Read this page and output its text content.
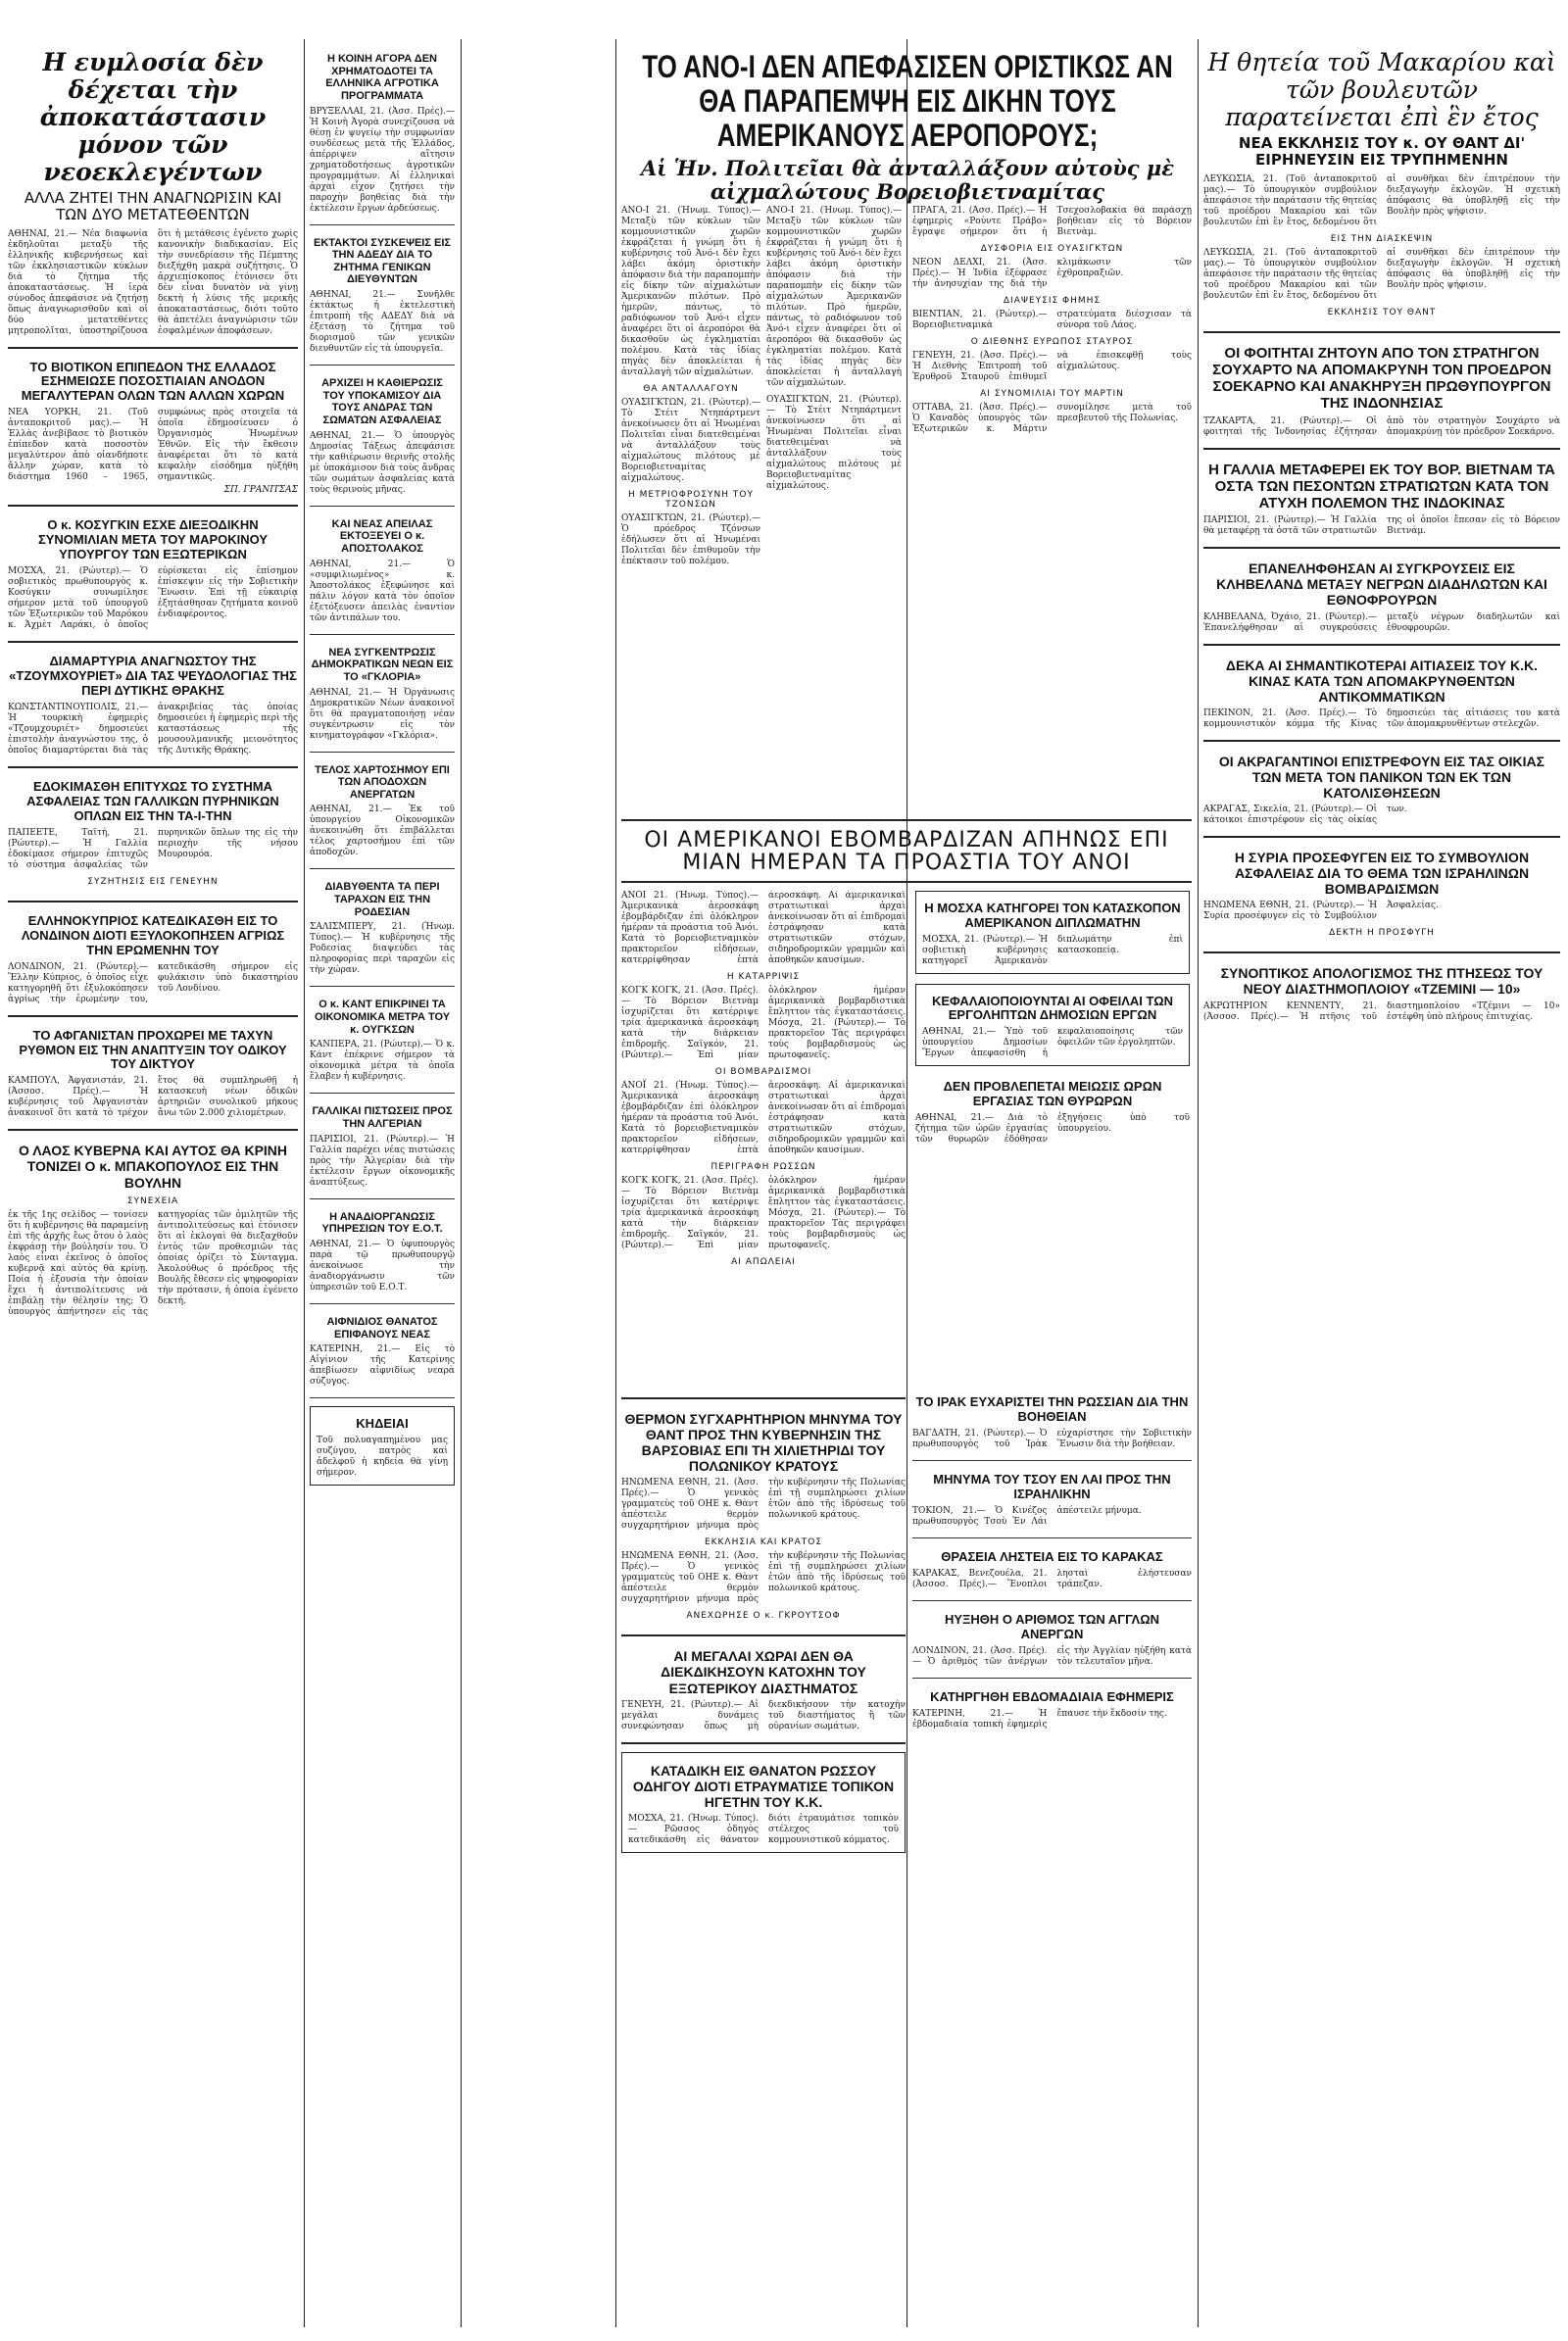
Η ευμλοσία δὲν δέχεται τὴν ἀποκατάστασιν μόνον τῶν νεοεκλεγέντων
ΑΛΛΑ ΖΗΤΕΙ ΤΗΝ ΑΝΑΓΝΩΡΙΣΙΝ ΚΑΙ ΤΩΝ ΔΥΟ ΜΕΤΑΤΕΘΕΝΤΩΝ

ΑΘΗΝΑΙ, 21.— Νέα διαφωνία ἐκδηλοῦται μεταξὺ τῆς ἑλληνικῆς κυβερνήσεως καὶ τῶν ἐκκλησιαστικῶν κύκλων διὰ τὸ ζήτημα τῆς ἀποκαταστάσεως. Ἡ ἱερὰ σύνοδος ἀπεφάσισε νὰ ζητήσῃ ὅπως ἀναγνωρισθοῦν καὶ οἱ δύο μετατεθέντες μητροπολῖται, ὑποστηρίζουσα ὅτι ἡ μετάθεσις ἐγένετο χωρὶς κανονικὴν διαδικασίαν. Εἰς τὴν συνεδρίασιν τῆς Πέμπτης διεξήχθη μακρὰ συζήτησις. Ὁ ἀρχιεπίσκοπος ἐτόνισεν ὅτι δὲν εἶναι δυνατὸν νὰ γίνῃ δεκτὴ ἡ λύσις τῆς μερικῆς ἀποκαταστάσεως, διότι τοῦτο θὰ ἀπετέλει ἀναγνώρισιν τῶν ἐσφαλμένων ἀποφάσεων.

ΤΟ ΒΙΟΤΙΚΟΝ ΕΠΙΠΕΔΟΝ ΤΗΣ ΕΛΛΑΔΟΣ ΕΣΗΜΕΙΩΣΕ ΠΟΣΟΣΤΙΑΙΑΝ ΑΝΟΔΟΝ ΜΕΓΑΛΥΤΕΡΑΝ ΟΛΩΝ ΤΩΝ ΑΛΛΩΝ ΧΩΡΩΝ

ΝΕΑ ΥΟΡΚΗ, 21. (Τοῦ ἀνταποκριτοῦ μας).— Ἡ Ἑλλὰς ἀνεβίβασε τὸ βιοτικὸν ἐπίπεδον κατὰ ποσοστὸν μεγαλύτερον ἀπὸ οἱανδήποτε ἄλλην χώραν, κατὰ τὸ διάστημα 1960 – 1965, συμφώνως πρὸς στοιχεῖα τὰ ὁποῖα ἐδημοσίευσεν ὁ Ὀργανισμὸς Ἡνωμένων Ἐθνῶν. Εἰς τὴν ἔκθεσιν ἀναφέρεται ὅτι τὸ κατὰ κεφαλὴν εἰσόδημα ηὐξήθη σημαντικῶς.

ΣΠ. ΓΡΑΝΙΤΣΑΣ
Ο κ. ΚΟΣΥΓΚΙΝ ΕΣΧΕ ΔΙΕΞΟΔΙΚΗΝ ΣΥΝΟΜΙΛΙΑΝ ΜΕΤΑ ΤΟΥ ΜΑΡΟΚΙΝΟΥ ΥΠΟΥΡΓΟΥ ΤΩΝ ΕΞΩΤΕΡΙΚΩΝ

ΜΟΣΧΑ, 21. (Ρώυτερ).— Ὁ σοβιετικὸς πρωθυπουργὸς κ. Κοσύγκιν συνωμίλησε σήμερον μετὰ τοῦ ὑπουργοῦ τῶν Ἐξωτερικῶν τοῦ Μαρόκου κ. Ἀχμὲτ Λαράκι, ὁ ὁποῖος εὑρίσκεται εἰς ἐπίσημον ἐπίσκεψιν εἰς τὴν Σοβιετικὴν Ἕνωσιν. Ἐπὶ τῇ εὐκαιρίᾳ ἐξητάσθησαν ζητήματα κοινοῦ ἐνδιαφέροντος.

ΔΙΑΜΑΡΤΥΡΙΑ ΑΝΑΓΝΩΣΤΟΥ ΤΗΣ «ΤΖΟΥΜΧΟΥΡΙΕΤ» ΔΙΑ ΤΑΣ ΨΕΥΔΟΛΟΓΙΑΣ ΤΗΣ ΠΕΡΙ ΔΥΤΙΚΗΣ ΘΡΑΚΗΣ

ΚΩΝΣΤΑΝΤΙΝΟΥΠΟΛΙΣ, 21.— Ἡ τουρκικὴ ἐφημερὶς «Τζουμχουριέτ» δημοσιεύει ἐπιστολὴν ἀναγνώστου της, ὁ ὁποῖος διαμαρτύρεται διὰ τὰς ἀνακριβείας τὰς ὁποίας δημοσιεύει ἡ ἐφημερὶς περὶ τῆς καταστάσεως τῆς μουσουλμανικῆς μειονότητος τῆς Δυτικῆς Θράκης.

ΕΔΟΚΙΜΑΣΘΗ ΕΠΙΤΥΧΩΣ ΤΟ ΣΥΣΤΗΜΑ ΑΣΦΑΛΕΙΑΣ ΤΩΝ ΓΑΛΛΙΚΩΝ ΠΥΡΗΝΙΚΩΝ ΟΠΛΩΝ ΕΙΣ ΤΗΝ ΤΑ-Ι-ΤΗΝ

ΠΑΠΕΕΤΕ, Ταϊτή, 21. (Ρώυτερ).— Ἡ Γαλλία ἐδοκίμασε σήμερον ἐπιτυχῶς τὸ σύστημα ἀσφαλείας τῶν πυρηνικῶν ὅπλων της εἰς τὴν περιοχὴν τῆς νήσου Μουρουρόα.

ΣΥΖΗΤΗΣΙΣ ΕΙΣ ΓΕΝΕΥΗΝ
ΕΛΛΗΝΟΚΥΠΡΙΟΣ ΚΑΤΕΔΙΚΑΣΘΗ ΕΙΣ ΤΟ ΛΟΝΔΙΝΟΝ ΔΙΟΤΙ ΕΞΥΛΟΚΟΠΗΣΕΝ ΑΓΡΙΩΣ ΤΗΝ ΕΡΩΜΕΝΗΝ ΤΟΥ

ΛΟΝΔΙΝΟΝ, 21. (Ρώυτερ).— Ἕλλην Κύπριος, ὁ ὁποῖος εἶχε κατηγορηθῆ ὅτι ἐξυλοκόπησεν ἀγρίως τὴν ἐρωμένην του, κατεδικάσθη σήμερον εἰς φυλάκισιν ὑπὸ δικαστηρίου τοῦ Λονδίνου.

ΤΟ ΑΦΓΑΝΙΣΤΑΝ ΠΡΟΧΩΡΕΙ ΜΕ ΤΑΧΥΝ ΡΥΘΜΟΝ ΕΙΣ ΤΗΝ ΑΝΑΠΤΥΞΙΝ ΤΟΥ ΟΔΙΚΟΥ ΤΟΥ ΔΙΚΤΥΟΥ

ΚΑΜΠΟΥΛ, Ἀφγανιστάν, 21. (Ἀσσοσ. Πρές).— Ἡ κυβέρνησις τοῦ Ἀφγανιστὰν ἀνακοινοῖ ὅτι κατὰ τὸ τρέχον ἔτος θὰ συμπληρωθῇ ἡ κατασκευὴ νέων ὁδικῶν ἀρτηριῶν συνολικοῦ μήκους ἄνω τῶν 2.000 χιλιομέτρων.

Ο ΛΑΟΣ ΚΥΒΕΡΝΑ ΚΑΙ ΑΥΤΟΣ ΘΑ ΚΡΙΝΗ ΤΟΝΙΖΕΙ Ο κ. ΜΠΑΚΟΠΟΥΛΟΣ ΕΙΣ ΤΗΝ ΒΟΥΛΗΝ
ΣΥΝΕΧΕΙΑ

ἐκ τῆς 1ης σελίδος — τονίσεν ὅτι ἡ κυβέρνησις θὰ παραμείνῃ ἐπὶ τῆς ἀρχῆς ἕως ὅτου ὁ λαὸς ἐκφράσῃ τὴν βούλησίν του. Ὁ λαὸς εἶναι ἐκεῖνος ὁ ὁποῖος κυβερνᾷ καὶ αὐτὸς θὰ κρίνῃ. Ποία ἡ ἐξουσία τὴν ὁποίαν ἔχει ἡ ἀντιπολίτευσις νὰ ἐπιβάλῃ τὴν θέλησίν της; Ὁ ὑπουργὸς ἀπήντησεν εἰς τὰς κατηγορίας τῶν ὁμιλητῶν τῆς ἀντιπολιτεύσεως καὶ ἐτόνισεν ὅτι αἱ ἐκλογαὶ θὰ διεξαχθοῦν ἐντὸς τῶν προθεσμιῶν τὰς ὁποίας ὁρίζει τὸ Σύνταγμα. Ἀκολούθως ὁ πρόεδρος τῆς Βουλῆς ἔθεσεν εἰς ψηφοφορίαν τὴν πρότασιν, ἡ ὁποία ἐγένετο δεκτή.

Η ΚΟΙΝΗ ΑΓΟΡΑ ΔΕΝ ΧΡΗΜΑΤΟΔΟΤΕΙ ΤΑ ΕΛΛΗΝΙΚΑ ΑΓΡΟΤΙΚΑ ΠΡΟΓΡΑΜΜΑΤΑ

ΒΡΥΞΕΛΛΑΙ, 21. (Ἀσσ. Πρές).— Ἡ Κοινὴ Ἀγορὰ συνεχίζουσα νὰ θέσῃ ἐν ψυγείῳ τὴν συμφωνίαν συνδέσεως μετὰ τῆς Ἑλλάδος, ἀπέρριψεν αἴτησιν χρηματοδοτήσεως ἀγροτικῶν προγραμμάτων. Αἱ ἑλληνικαὶ ἀρχαὶ εἶχον ζητήσει τὴν παροχὴν βοηθείας διὰ τὴν ἐκτέλεσιν ἔργων ἀρδεύσεως.

ΕΚΤΑΚΤΟΙ ΣΥΣΚΕΨΕΙΣ ΕΙΣ ΤΗΝ ΑΔΕΔΥ ΔΙΑ ΤΟ ΖΗΤΗΜΑ ΓΕΝΙΚΩΝ ΔΙΕΥΘΥΝΤΩΝ

ΑΘΗΝΑΙ, 21.— Συνῆλθε ἐκτάκτως ἡ ἐκτελεστικὴ ἐπιτροπὴ τῆς ΑΔΕΔΥ διὰ νὰ ἐξετάσῃ τὸ ζήτημα τοῦ διορισμοῦ τῶν γενικῶν διευθυντῶν εἰς τὰ ὑπουργεῖα.

ΑΡΧΙΖΕΙ Η ΚΑΘΙΕΡΩΣΙΣ ΤΟΥ ΥΠΟΚΑΜΙΣΟΥ ΔΙΑ ΤΟΥΣ ΑΝΔΡΑΣ ΤΩΝ ΣΩΜΑΤΩΝ ΑΣΦΑΛΕΙΑΣ

ΑΘΗΝΑΙ, 21.— Ὁ ὑπουργὸς Δημοσίας Τάξεως ἀπεφάσισε τὴν καθιέρωσιν θερινῆς στολῆς μὲ ὑποκάμισον διὰ τοὺς ἄνδρας τῶν σωμάτων ἀσφαλείας κατὰ τοὺς θερινοὺς μῆνας.

ΚΑΙ ΝΕΑΣ ΑΠΕΙΛΑΣ ΕΚΤΟΞΕΥΕΙ Ο κ. ΑΠΟΣΤΟΛΑΚΟΣ

ΑΘΗΝΑΙ, 21.— Ὁ «συμφιλιωμένος» κ. Ἀποστολάκος ἐξεφώνησε καὶ πάλιν λόγον κατὰ τὸν ὁποῖον ἐξετόξευσεν ἀπειλὰς ἐναντίον τῶν ἀντιπάλων του.

ΝΕΑ ΣΥΓΚΕΝΤΡΩΣΙΣ ΔΗΜΟΚΡΑΤΙΚΩΝ ΝΕΩΝ ΕΙΣ ΤΟ «ΓΚΛΟΡΙΑ»

ΑΘΗΝΑΙ, 21.— Ἡ Ὀργάνωσις Δημοκρατικῶν Νέων ἀνακοινοῖ ὅτι θὰ πραγματοποιήσῃ νέαν συγκέντρωσιν εἰς τὸν κινηματογράφον «Γκλόρια».

ΤΕΛΟΣ ΧΑΡΤΟΣΗΜΟΥ ΕΠΙ ΤΩΝ ΑΠΟΔΟΧΩΝ ΑΝΕΡΓΑΤΩΝ

ΑΘΗΝΑΙ, 21.— Ἐκ τοῦ ὑπουργείου Οἰκονομικῶν ἀνεκοινώθη ὅτι ἐπιβάλλεται τέλος χαρτοσήμου ἐπὶ τῶν ἀποδοχῶν.

ΔΙΑΒΥΘΕΝΤΑ ΤΑ ΠΕΡΙ ΤΑΡΑΧΩΝ ΕΙΣ ΤΗΝ ΡΟΔΕΣΙΑΝ

ΣΑΛΙΣΜΠΕΡΥ, 21. (Ἡνωμ. Τύπος).— Ἡ κυβέρνησις τῆς Ροδεσίας διαψεύδει τὰς πληροφορίας περὶ ταραχῶν εἰς τὴν χώραν.

Ο κ. ΚΑΝΤ ΕΠΙΚΡΙΝΕΙ ΤΑ ΟΙΚΟΝΟΜΙΚΑ ΜΕΤΡΑ ΤΟΥ κ. ΟΥΓΚΣΩΝ

ΚΑΝΠΕΡΑ, 21. (Ρώυτερ).— Ὁ κ. Κάντ ἐπέκρινε σήμερον τὰ οἰκονομικὰ μέτρα τὰ ὁποῖα ἔλαβεν ἡ κυβέρνησις.

ΓΑΛΛΙΚΑΙ ΠΙΣΤΩΣΕΙΣ ΠΡΟΣ ΤΗΝ ΑΛΓΕΡΙΑΝ

ΠΑΡΙΣΙΟΙ, 21. (Ρώυτερ).— Ἡ Γαλλία παρέχει νέας πιστώσεις πρὸς τὴν Ἀλγερίαν διὰ τὴν ἐκτέλεσιν ἔργων οἰκονομικῆς ἀναπτύξεως.

Η ΑΝΑΔΙΟΡΓΑΝΩΣΙΣ ΥΠΗΡΕΣΙΩΝ ΤΟΥ Ε.Ο.Τ.

ΑΘΗΝΑΙ, 21.— Ὁ ὑφυπουργὸς παρὰ τῷ πρωθυπουργῷ ἀνεκοίνωσε τὴν ἀναδιοργάνωσιν τῶν ὑπηρεσιῶν τοῦ Ε.Ο.Τ.

ΑΙΦΝΙΔΙΟΣ ΘΑΝΑΤΟΣ ΕΠΙΦΑΝΟΥΣ ΝΕΑΣ

ΚΑΤΕΡΙΝΗ, 21.— Εἰς τὸ Αἰγίνιον τῆς Κατερίνης ἀπεβίωσεν αἰφνιδίως νεαρὰ σύζυγος.

ΚΗΔΕΙΑΙ

Τοῦ πολυαγαπημένου μας συζύγου, πατρὸς καὶ ἀδελφοῦ ἡ κηδεία θὰ γίνῃ σήμερον.

ΤΟ ΑΝΟ-Ι ΔΕΝ ΑΠΕΦΑΣΙΣΕΝ ΟΡΙΣΤΙΚΩΣ ΑΝ ΘΑ ΠΑΡΑΠΕΜΨΗ ΕΙΣ ΔΙΚΗΝ ΤΟΥΣ ΑΜΕΡΙΚΑΝΟΥΣ ΑΕΡΟΠΟΡΟΥΣ;
Αἱ Ἡν. Πολιτεῖαι θὰ ἀνταλλάξουν αὐτοὺς μὲ αἰχμαλώτους Βορειοβιετναμίτας

ΑΝΟ-Ι 21. (Ἡνωμ. Τύπος).— Μεταξὺ τῶν κύκλων τῶν κομμουνιστικῶν χωρῶν ἐκφράζεται ἡ γνώμη ὅτι ἡ κυβέρνησις τοῦ Ἀνό-ι δὲν ἔχει λάβει ἀκόμη ὁριστικὴν ἀπόφασιν διὰ τὴν παραπομπὴν εἰς δίκην τῶν αἰχμαλώτων Ἀμερικανῶν πιλότων. Πρὸ ἡμερῶν, πάντως, τὸ ραδιόφωνον τοῦ Ἀνό-ι εἶχεν ἀναφέρει ὅτι οἱ ἀεροπόροι θὰ δικασθοῦν ὡς ἐγκληματίαι πολέμου. Κατὰ τὰς ἰδίας πηγὰς δὲν ἀποκλείεται ἡ ἀνταλλαγὴ τῶν αἰχμαλώτων.

ΘΑ ΑΝΤΑΛΛΑΓΟΥΝ

ΟΥΑΣΙΓΚΤΩΝ, 21. (Ρώυτερ).— Τὸ Στέιτ Ντηπάρτμεντ ἀνεκοίνωσεν ὅτι αἱ Ἡνωμέναι Πολιτεῖαι εἶναι διατεθειμέναι νὰ ἀνταλλάξουν τοὺς αἰχμαλώτους πιλότους μὲ Βορειοβιετναμίτας αἰχμαλώτους.

Η ΜΕΤΡΙΟΦΡΟΣΥΝΗ ΤΟΥ ΤΖΟΝΣΩΝ

ΟΥΑΣΙΓΚΤΩΝ, 21. (Ρώυτερ).— Ὁ πρόεδρος Τζόνσων ἐδήλωσεν ὅτι αἱ Ἡνωμέναι Πολιτεῖαι δὲν ἐπιθυμοῦν τὴν ἐπέκτασιν τοῦ πολέμου.

ΑΝΟ-Ι 21. (Ἡνωμ. Τύπος).— Μεταξὺ τῶν κύκλων τῶν κομμουνιστικῶν χωρῶν ἐκφράζεται ἡ γνώμη ὅτι ἡ κυβέρνησις τοῦ Ἀνό-ι δὲν ἔχει λάβει ἀκόμη ὁριστικὴν ἀπόφασιν διὰ τὴν παραπομπὴν εἰς δίκην τῶν αἰχμαλώτων Ἀμερικανῶν πιλότων. Πρὸ ἡμερῶν, πάντως, τὸ ραδιόφωνον τοῦ Ἀνό-ι εἶχεν ἀναφέρει ὅτι οἱ ἀεροπόροι θὰ δικασθοῦν ὡς ἐγκληματίαι πολέμου. Κατὰ τὰς ἰδίας πηγὰς δὲν ἀποκλείεται ἡ ἀνταλλαγὴ τῶν αἰχμαλώτων.

ΟΥΑΣΙΓΚΤΩΝ, 21. (Ρώυτερ).— Τὸ Στέιτ Ντηπάρτμεντ ἀνεκοίνωσεν ὅτι αἱ Ἡνωμέναι Πολιτεῖαι εἶναι διατεθειμέναι νὰ ἀνταλλάξουν τοὺς αἰχμαλώτους πιλότους μὲ Βορειοβιετναμίτας αἰχμαλώτους.

ΠΡΑΓΑ, 21. (Ἀσσ. Πρές).— Ἡ ἐφημερὶς «Ρούντε Πράβο» ἔγραψε σήμερον ὅτι ἡ Τσεχοσλοβακία θὰ παράσχῃ βοήθειαν εἰς τὸ Βόρειον Βιετνὰμ.

ΔΥΣΦΟΡΙΑ ΕΙΣ ΟΥΑΣΙΓΚΤΩΝ

ΝΕΟΝ ΔΕΛΧΙ, 21. (Ἀσσ. Πρές).— Ἡ Ἰνδία ἐξέφρασε τὴν ἀνησυχίαν της διὰ τὴν κλιμάκωσιν τῶν ἐχθροπραξιῶν.

ΔΙΑΨΕΥΣΙΣ ΦΗΜΗΣ

ΒΙΕΝΤΙΑΝ, 21. (Ρώυτερ).— Βορειοβιετναμικὰ στρατεύματα διέσχισαν τὰ σύνορα τοῦ Λάος.

Ο ΔΙΕΘΝΗΣ ΕΥΡΩΠΟΣ ΣΤΑΥΡΟΣ

ΓΕΝΕΥΗ, 21. (Ἀσσ. Πρές).— Ἡ Διεθνὴς Ἐπιτροπὴ τοῦ Ἐρυθροῦ Σταυροῦ ἐπιθυμεῖ νὰ ἐπισκεφθῇ τοὺς αἰχμαλώτους.

ΑΙ ΣΥΝΟΜΙΛΙΑΙ ΤΟΥ ΜΑΡΤΙΝ

ΟΤΤΑΒΑ, 21. (Ἀσσ. Πρές).— Ὁ Καναδὸς ὑπουργὸς τῶν Ἐξωτερικῶν κ. Μάρτιν συνομίλησε μετὰ τοῦ πρεσβευτοῦ τῆς Πολωνίας.

ΟΙ ΑΜΕΡΙΚΑΝΟΙ ΕΒΟΜΒΑΡΔΙΖΑΝ ΑΠΗΝΩΣ ΕΠΙ ΜΙΑΝ ΗΜΕΡΑΝ ΤΑ ΠΡΟΑΣΤΙΑ ΤΟΥ ΑΝΟΙ

ΑΝΟΪ 21. (Ἡνωμ. Τύπος).— Ἀμερικανικὰ ἀεροσκάφη ἐβομβάρδιζαν ἐπὶ ὁλόκληρον ἡμέραν τὰ προάστια τοῦ Ἀνόι. Κατὰ τὸ βορειοβιετναμικὸν πρακτορεῖον εἰδήσεων, κατερρίφθησαν ἑπτὰ ἀεροσκάφη. Αἱ ἀμερικανικαὶ στρατιωτικαὶ ἀρχαὶ ἀνεκοίνωσαν ὅτι αἱ ἐπιδρομαὶ ἐστράφησαν κατὰ στρατιωτικῶν στόχων, σιδηροδρομικῶν γραμμῶν καὶ ἀποθηκῶν καυσίμων.

Η ΚΑΤΑΡΡΙΨΙΣ

ΚΟΓΚ ΚΟΓΚ, 21. (Ἀσσ. Πρές).— Τὸ Βόρειον Βιετνὰμ ἰσχυρίζεται ὅτι κατέρριψε τρία ἀμερικανικὰ ἀεροσκάφη κατὰ τὴν διάρκειαν ἐπιδρομῆς. Σαϊγκόν, 21. (Ρώυτερ).— Ἐπὶ μίαν ὁλόκληρον ἡμέραν ἀμερικανικὰ βομβαρδιστικὰ ἔπληττον τὰς ἐγκαταστάσεις. Μόσχα, 21. (Ρώυτερ).— Τὸ πρακτορεῖον Τὰς περιγράφει τοὺς βομβαρδισμοὺς ὡς πρωτοφανεῖς.

ΟΙ ΒΟΜΒΑΡΔΙΣΜΟΙ

ΑΝΟΪ 21. (Ἡνωμ. Τύπος).— Ἀμερικανικὰ ἀεροσκάφη ἐβομβάρδιζαν ἐπὶ ὁλόκληρον ἡμέραν τὰ προάστια τοῦ Ἀνόι. Κατὰ τὸ βορειοβιετναμικὸν πρακτορεῖον εἰδήσεων, κατερρίφθησαν ἑπτὰ ἀεροσκάφη. Αἱ ἀμερικανικαὶ στρατιωτικαὶ ἀρχαὶ ἀνεκοίνωσαν ὅτι αἱ ἐπιδρομαὶ ἐστράφησαν κατὰ στρατιωτικῶν στόχων, σιδηροδρομικῶν γραμμῶν καὶ ἀποθηκῶν καυσίμων.

ΠΕΡΙΓΡΑΦΗ ΡΩΣΣΩΝ

ΚΟΓΚ ΚΟΓΚ, 21. (Ἀσσ. Πρές).— Τὸ Βόρειον Βιετνὰμ ἰσχυρίζεται ὅτι κατέρριψε τρία ἀμερικανικὰ ἀεροσκάφη κατὰ τὴν διάρκειαν ἐπιδρομῆς. Σαϊγκόν, 21. (Ρώυτερ).— Ἐπὶ μίαν ὁλόκληρον ἡμέραν ἀμερικανικὰ βομβαρδιστικὰ ἔπληττον τὰς ἐγκαταστάσεις. Μόσχα, 21. (Ρώυτερ).— Τὸ πρακτορεῖον Τὰς περιγράφει τοὺς βομβαρδισμοὺς ὡς πρωτοφανεῖς.

ΑΙ ΑΠΩΛΕΙΑΙ
Η ΜΟΣΧΑ ΚΑΤΗΓΟΡΕΙ ΤΟΝ ΚΑΤΑΣΚΟΠΟΝ ΑΜΕΡΙΚΑΝΟΝ ΔΙΠΛΩΜΑΤΗΝ

ΜΟΣΧΑ, 21. (Ρώυτερ).— Ἡ σοβιετικὴ κυβέρνησις κατηγορεῖ Ἀμερικανὸν διπλωμάτην ἐπὶ κατασκοπείᾳ.

ΚΕΦΑΛΑΙΟΠΟΙΟΥΝΤΑΙ ΑΙ ΟΦΕΙΛΑΙ ΤΩΝ ΕΡΓΟΛΗΠΤΩΝ ΔΗΜΟΣΙΩΝ ΕΡΓΩΝ

ΑΘΗΝΑΙ, 21.— Ὑπὸ τοῦ ὑπουργείου Δημοσίων Ἔργων ἀπεφασίσθη ἡ κεφαλαιοποίησις τῶν ὀφειλῶν τῶν ἐργοληπτῶν.

ΔΕΝ ΠΡΟΒΛΕΠΕΤΑΙ ΜΕΙΩΣΙΣ ΩΡΩΝ ΕΡΓΑΣΙΑΣ ΤΩΝ ΘΥΡΩΡΩΝ

ΑΘΗΝΑΙ, 21.— Διὰ τὸ ζήτημα τῶν ὡρῶν ἐργασίας τῶν θυρωρῶν ἐδόθησαν ἐξηγήσεις ὑπὸ τοῦ ὑπουργείου.

ΘΕΡΜΟΝ ΣΥΓΧΑΡΗΤΗΡΙΟΝ ΜΗΝΥΜΑ ΤΟΥ ΘΑΝΤ ΠΡΟΣ ΤΗΝ ΚΥΒΕΡΝΗΣΙΝ ΤΗΣ ΒΑΡΣΟΒΙΑΣ ΕΠΙ ΤΗ ΧΙΛΙΕΤΗΡΙΔΙ ΤΟΥ ΠΟΛΩΝΙΚΟΥ ΚΡΑΤΟΥΣ

ΗΝΩΜΕΝΑ ΕΘΝΗ, 21. (Ἀσσ. Πρές).— Ὁ γενικὸς γραμματεὺς τοῦ ΟΗΕ κ. Θὰντ ἀπέστειλε θερμὸν συγχαρητήριον μήνυμα πρὸς τὴν κυβέρνησιν τῆς Πολωνίας ἐπὶ τῇ συμπληρώσει χιλίων ἐτῶν ἀπὸ τῆς ἱδρύσεως τοῦ πολωνικοῦ κράτους.

ΕΚΚΛΗΣΙΑ ΚΑΙ ΚΡΑΤΟΣ

ΗΝΩΜΕΝΑ ΕΘΝΗ, 21. (Ἀσσ. Πρές).— Ὁ γενικὸς γραμματεὺς τοῦ ΟΗΕ κ. Θὰντ ἀπέστειλε θερμὸν συγχαρητήριον μήνυμα πρὸς τὴν κυβέρνησιν τῆς Πολωνίας ἐπὶ τῇ συμπληρώσει χιλίων ἐτῶν ἀπὸ τῆς ἱδρύσεως τοῦ πολωνικοῦ κράτους.

ΑΝΕΧΩΡΗΣΕ Ο κ. ΓΚΡΟΥΤΣΟΦ
ΑΙ ΜΕΓΑΛΑΙ ΧΩΡΑΙ ΔΕΝ ΘΑ ΔΙΕΚΔΙΚΗΣΟΥΝ ΚΑΤΟΧΗΝ ΤΟΥ ΕΞΩΤΕΡΙΚΟΥ ΔΙΑΣΤΗΜΑΤΟΣ

ΓΕΝΕΥΗ, 21. (Ρώυτερ).— Αἱ μεγάλαι δυνάμεις συνεφώνησαν ὅπως μὴ διεκδικήσουν τὴν κατοχὴν τοῦ διαστήματος ἢ τῶν οὐρανίων σωμάτων.

ΚΑΤΑΔΙΚΗ ΕΙΣ ΘΑΝΑΤΟΝ ΡΩΣΣΟΥ ΟΔΗΓΟΥ ΔΙΟΤΙ ΕΤΡΑΥΜΑΤΙΣΕ ΤΟΠΙΚΟΝ ΗΓΕΤΗΝ ΤΟΥ Κ.Κ.

ΜΟΣΧΑ, 21. (Ἡνωμ. Τύπος).— Ρῶσσος ὁδηγὸς κατεδικάσθη εἰς θάνατον διότι ἐτραυμάτισε τοπικὸν στέλεχος τοῦ κομμουνιστικοῦ κόμματος.

ΤΟ ΙΡΑΚ ΕΥΧΑΡΙΣΤΕΙ ΤΗΝ ΡΩΣΣΙΑΝ ΔΙΑ ΤΗΝ ΒΟΗΘΕΙΑΝ

ΒΑΓΔΑΤΗ, 21. (Ρώυτερ).— Ὁ πρωθυπουργὸς τοῦ Ἰρὰκ εὐχαρίστησε τὴν Σοβιετικὴν Ἕνωσιν διὰ τὴν βοήθειαν.

ΜΗΝΥΜΑ ΤΟΥ ΤΣΟΥ ΕΝ ΛΑΙ ΠΡΟΣ ΤΗΝ ΙΣΡΑΗΛΙΚΗΝ

ΤΟΚΙΟΝ, 21.— Ὁ Κινέζος πρωθυπουργὸς Τσοὺ Ἐν Λάι ἀπέστειλε μήνυμα.

ΘΡΑΣΕΙΑ ΛΗΣΤΕΙΑ ΕΙΣ ΤΟ ΚΑΡΑΚΑΣ

ΚΑΡΑΚΑΣ, Βενεζουέλα, 21. (Ἀσσοσ. Πρές).— Ἔνοπλοι λησταὶ ἐλήστευσαν τράπεζαν.

ΗΥΞΗΘΗ Ο ΑΡΙΘΜΟΣ ΤΩΝ ΑΓΓΛΩΝ ΑΝΕΡΓΩΝ

ΛΟΝΔΙΝΟΝ, 21. (Ἀσσ. Πρές).— Ὁ ἀριθμὸς τῶν ἀνέργων εἰς τὴν Ἀγγλίαν ηὐξήθη κατὰ τὸν τελευταῖον μῆνα.

ΚΑΤΗΡΓΗΘΗ ΕΒΔΟΜΑΔΙΑΙΑ ΕΦΗΜΕΡΙΣ

ΚΑΤΕΡΙΝΗ, 21.— Ἡ ἐβδομαδιαία τοπικὴ ἐφημερὶς ἔπαυσε τὴν ἔκδοσίν της.

Η θητεία τοῦ Μακαρίου καὶ τῶν βουλευτῶν παρατείνεται ἐπὶ ἓν ἔτος
ΝΕΑ ΕΚΚΛΗΣΙΣ ΤΟΥ κ. ΟΥ ΘΑΝΤ ΔΙ' ΕΙΡΗΝΕΥΣΙΝ ΕΙΣ ΤΡΥΠΗΜΕΝΗΝ

ΛΕΥΚΩΣΙΑ, 21. (Τοῦ ἀνταποκριτοῦ μας).— Τὸ ὑπουργικὸν συμβούλιον ἀπεφάσισε τὴν παράτασιν τῆς θητείας τοῦ προέδρου Μακαρίου καὶ τῶν βουλευτῶν ἐπὶ ἓν ἔτος, δεδομένου ὅτι αἱ συνθῆκαι δὲν ἐπιτρέπουν τὴν διεξαγωγὴν ἐκλογῶν. Ἡ σχετικὴ ἀπόφασις θὰ ὑποβληθῇ εἰς τὴν Βουλὴν πρὸς ψήφισιν.

ΕΙΣ ΤΗΝ ΔΙΑΣΚΕΨΙΝ

ΛΕΥΚΩΣΙΑ, 21. (Τοῦ ἀνταποκριτοῦ μας).— Τὸ ὑπουργικὸν συμβούλιον ἀπεφάσισε τὴν παράτασιν τῆς θητείας τοῦ προέδρου Μακαρίου καὶ τῶν βουλευτῶν ἐπὶ ἓν ἔτος, δεδομένου ὅτι αἱ συνθῆκαι δὲν ἐπιτρέπουν τὴν διεξαγωγὴν ἐκλογῶν. Ἡ σχετικὴ ἀπόφασις θὰ ὑποβληθῇ εἰς τὴν Βουλὴν πρὸς ψήφισιν.

ΕΚΚΛΗΣΙΣ ΤΟΥ ΘΑΝΤ
ΟΙ ΦΟΙΤΗΤΑΙ ΖΗΤΟΥΝ ΑΠΟ ΤΟΝ ΣΤΡΑΤΗΓΟΝ ΣΟΥΧΑΡΤΟ ΝΑ ΑΠΟΜΑΚΡΥΝΗ ΤΟΝ ΠΡΟΕΔΡΟΝ ΣΟΕΚΑΡΝΟ ΚΑΙ ΑΝΑΚΗΡΥΞΗ ΠΡΩΘΥΠΟΥΡΓΟΝ ΤΗΣ ΙΝΔΟΝΗΣΙΑΣ

ΤΖΑΚΑΡΤΑ, 21. (Ρώυτερ).— Οἱ φοιτηταὶ τῆς Ἰνδονησίας ἐζήτησαν ἀπὸ τὸν στρατηγὸν Σουχάρτο νὰ ἀπομακρύνῃ τὸν πρόεδρον Σοεκάρνο.

Η ΓΑΛΛΙΑ ΜΕΤΑΦΕΡΕΙ ΕΚ ΤΟΥ ΒΟΡ. ΒΙΕΤΝΑΜ ΤΑ ΟΣΤΑ ΤΩΝ ΠΕΣΟΝΤΩΝ ΣΤΡΑΤΙΩΤΩΝ ΚΑΤΑ ΤΟΝ ΑΤΥΧΗ ΠΟΛΕΜΟΝ ΤΗΣ ΙΝΔΟΚΙΝΑΣ

ΠΑΡΙΣΙΟΙ, 21. (Ρώυτερ).— Ἡ Γαλλία θὰ μεταφέρῃ τὰ ὀστᾶ τῶν στρατιωτῶν της οἱ ὁποῖοι ἔπεσαν εἰς τὸ Βόρειον Βιετνάμ.

ΕΠΑΝΕΛΗΦΘΗΣΑΝ ΑΙ ΣΥΓΚΡΟΥΣΕΙΣ ΕΙΣ ΚΛΗΒΕΛΑΝΔ ΜΕΤΑΞΥ ΝΕΓΡΩΝ ΔΙΑΔΗΛΩΤΩΝ ΚΑΙ ΕΘΝΟΦΡΟΥΡΩΝ

ΚΛΗΒΕΛΑΝΔ, Ὀχάιο, 21. (Ρώυτερ).— Ἐπανελήφθησαν αἱ συγκρούσεις μεταξὺ νέγρων διαδηλωτῶν καὶ ἐθνοφρουρῶν.

ΔΕΚΑ ΑΙ ΣΗΜΑΝΤΙΚΟΤΕΡΑΙ ΑΙΤΙΑΣΕΙΣ ΤΟΥ Κ.Κ. ΚΙΝΑΣ ΚΑΤΑ ΤΩΝ ΑΠΟΜΑΚΡΥΝΘΕΝΤΩΝ ΑΝΤΙΚΟΜΜΑΤΙΚΩΝ

ΠΕΚΙΝΟΝ, 21. (Ἀσσ. Πρές).— Τὸ κομμουνιστικὸν κόμμα τῆς Κίνας δημοσιεύει τὰς αἰτιάσεις του κατὰ τῶν ἀπομακρυνθέντων στελεχῶν.

ΟΙ ΑΚΡΑΓΑΝΤΙΝΟΙ ΕΠΙΣΤΡΕΦΟΥΝ ΕΙΣ ΤΑΣ ΟΙΚΙΑΣ ΤΩΝ ΜΕΤΑ ΤΟΝ ΠΑΝΙΚΟΝ ΤΩΝ ΕΚ ΤΩΝ ΚΑΤΟΛΙΣΘΗΣΕΩΝ

ΑΚΡΑΓΑΣ, Σικελία, 21. (Ρώυτερ).— Οἱ κάτοικοι ἐπιστρέφουν εἰς τὰς οἰκίας των.

Η ΣΥΡΙΑ ΠΡΟΣΕΦΥΓΕΝ ΕΙΣ ΤΟ ΣΥΜΒΟΥΛΙΟΝ ΑΣΦΑΛΕΙΑΣ ΔΙΑ ΤΟ ΘΕΜΑ ΤΩΝ ΙΣΡΑΗΛΙΝΩΝ ΒΟΜΒΑΡΔΙΣΜΩΝ

ΗΝΩΜΕΝΑ ΕΘΝΗ, 21. (Ρώυτερ).— Ἡ Συρία προσέφυγεν εἰς τὸ Συμβούλιον Ἀσφαλείας.

ΔΕΚΤΗ Η ΠΡΟΣΦΥΓΗ
ΣΥΝΟΠΤΙΚΟΣ ΑΠΟΛΟΓΙΣΜΟΣ ΤΗΣ ΠΤΗΣΕΩΣ ΤΟΥ ΝΕΟΥ ΔΙΑΣΤΗΜΟΠΛΟΙΟΥ «ΤΖΕΜΙΝΙ — 10»

ΑΚΡΩΤΗΡΙΟΝ ΚΕΝΝΕΝΤΥ, 21. (Ἀσσοσ. Πρές).— Ἡ πτῆσις τοῦ διαστημοπλοίου «Τζέμινι — 10» ἐστέφθη ὑπὸ πλήρους ἐπιτυχίας.
